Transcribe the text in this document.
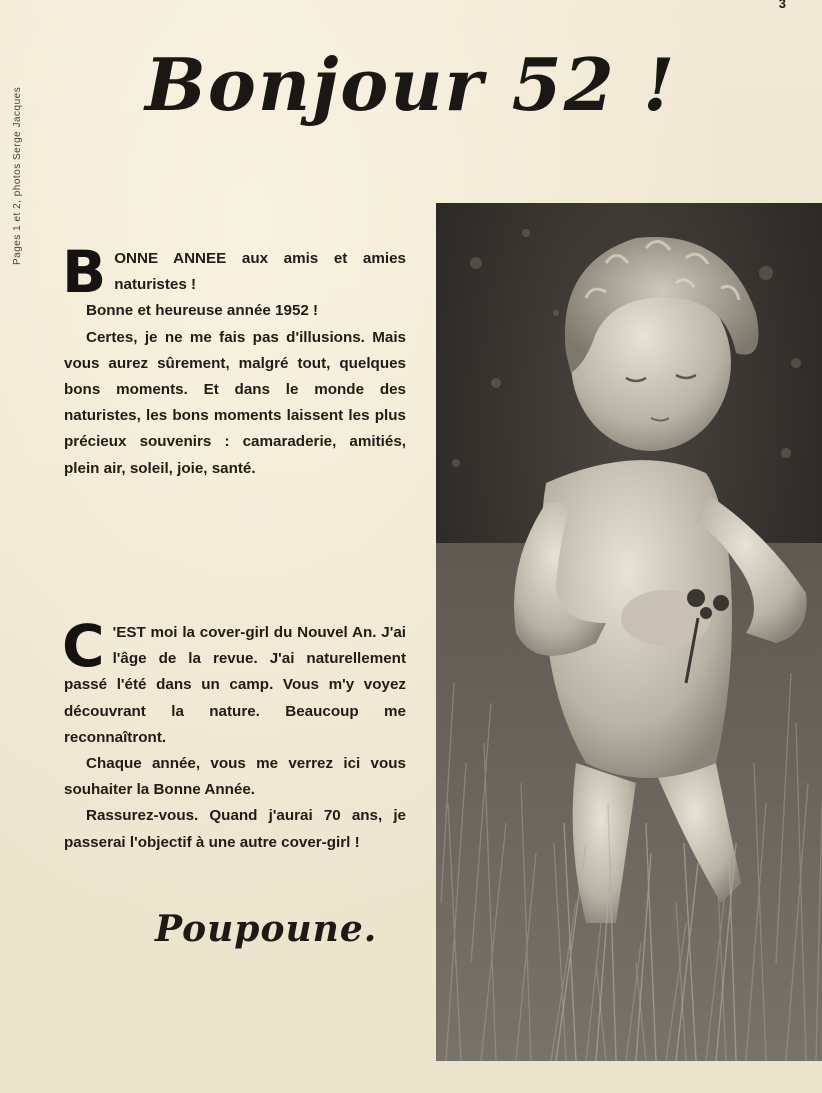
3
Pages 1 et 2, photos Serge Jacques
Bonjour 52 !

B ONNE ANNEE aux amis et amies naturistes !

Bonne et heureuse année 1952 !

Certes, je ne me fais pas d'illusions. Mais vous aurez sûrement, malgré tout, quelques bons moments. Et dans le monde des naturistes, les bons moments laissent les plus précieux souvenirs : camaraderie, amitiés, plein air, soleil, joie, santé.

C 'EST moi la cover-girl du Nouvel An. J'ai l'âge de la revue. J'ai naturellement passé l'été dans un camp. Vous m'y voyez découvrant la nature. Beaucoup me reconnaîtront.

Chaque année, vous me verrez ici vous souhaiter la Bonne Année.

Rassurez-vous. Quand j'aurai 70 ans, je passerai l'objectif à une autre cover-girl !

Poupoune.
